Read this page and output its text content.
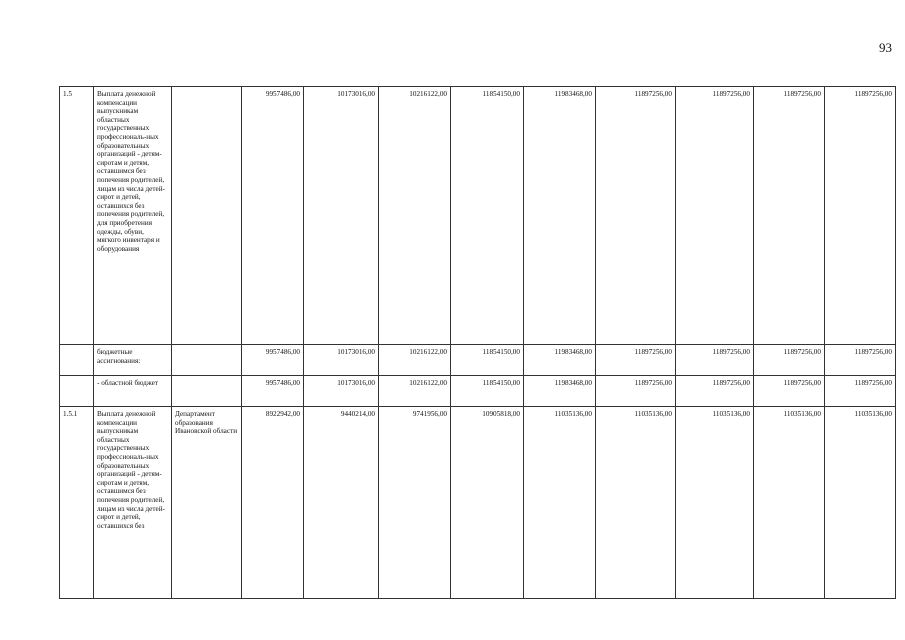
93
1.5	Выплата денежной компенсации выпускникам областных государственных профессиональ-ных образовательных организаций - детям-сиротам и детям, оставшимся без попечения родителей, лицам из числа детей-сирот и детей, оставшихся без попечения родителей, для приобретения одежды, обуви, мягкого инвентаря и оборудования		9957486,00	10173016,00	10216122,00	11854150,00	11983468,00	11897256,00	11897256,00	11897256,00	11897256,00
	бюджетные ассигнования:		9957486,00	10173016,00	10216122,00	11854150,00	11983468,00	11897256,00	11897256,00	11897256,00	11897256,00
	- областной бюджет		9957486,00	10173016,00	10216122,00	11854150,00	11983468,00	11897256,00	11897256,00	11897256,00	11897256,00
1.5.1	Выплата денежной компенсации выпускникам областных государственных профессиональ-ных образовательных организаций - детям-сиротам и детям, оставшимся без попечения родителей, лицам из числа детей-сирот и детей, оставшихся без	Департамент образования Ивановской области	8922942,00	9440214,00	9741956,00	10905818,00	11035136,00	11035136,00	11035136,00	11035136,00	11035136,00
